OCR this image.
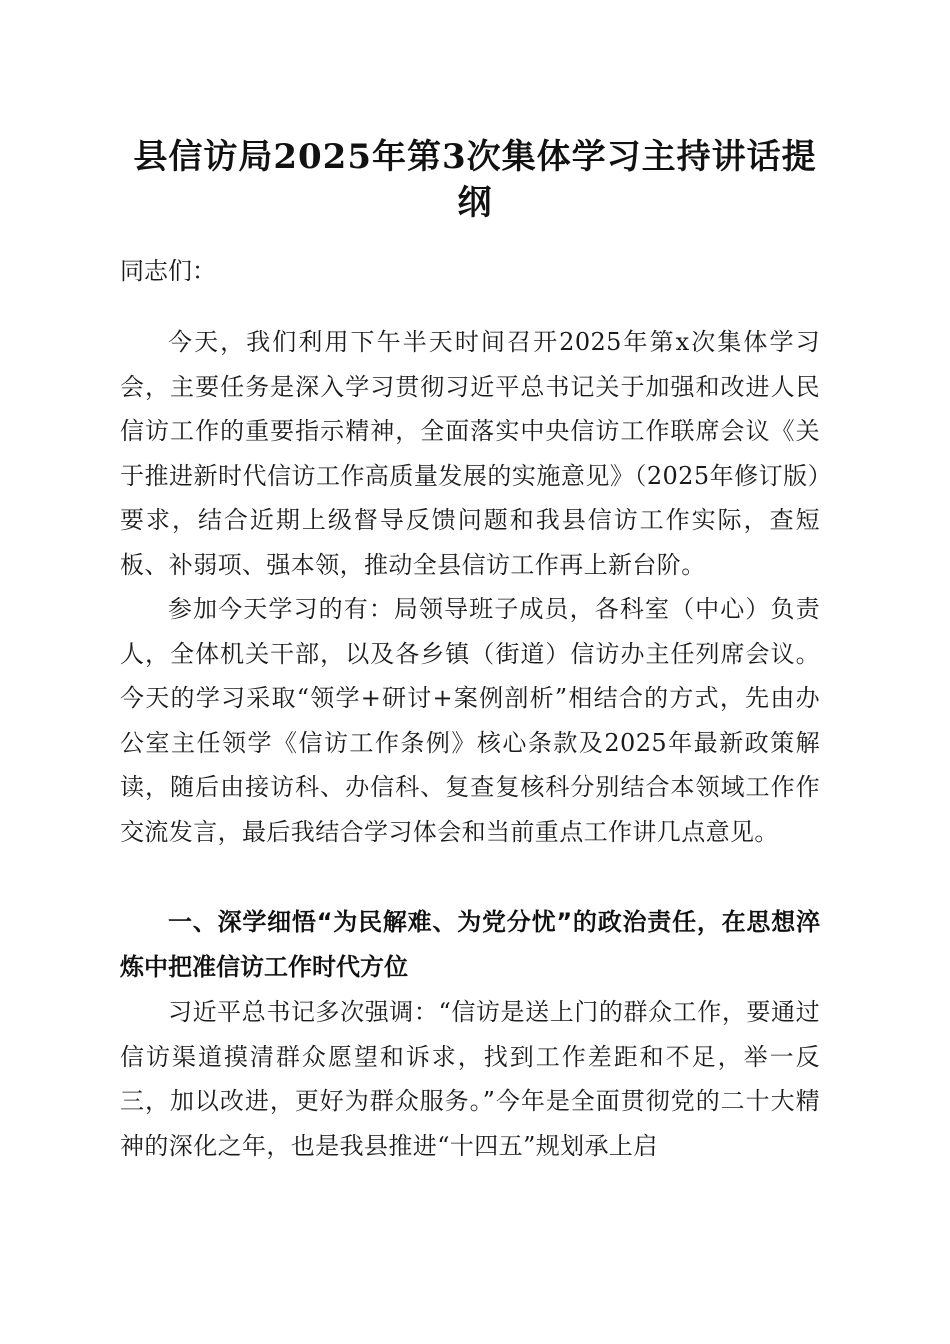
县信访局2025年第3次集体学习主持讲话提纲
同志们：

今天，我们利用下午半天时间召开2025年第x次集体学习会，主要任务是深入学习贯彻习近平总书记关于加强和改进人民信访工作的重要指示精神，全面落实中央信访工作联席会议《关于推进新时代信访工作高质量发展的实施意见》（2025年修订版）要求，结合近期上级督导反馈问题和我县信访工作实际，查短板、补弱项、强本领，推动全县信访工作再上新台阶。

参加今天学习的有：局领导班子成员，各科室（中心）负责人，全体机关干部，以及各乡镇（街道）信访办主任列席会议。今天的学习采取“领学+研讨+案例剖析”相结合的方式，先由办公室主任领学《信访工作条例》核心条款及2025年最新政策解读，随后由接访科、办信科、复查复核科分别结合本领域工作作交流发言，最后我结合学习体会和当前重点工作讲几点意见。

一、深学细悟“为民解难、为党分忧”的政治责任，在思想淬炼中把准信访工作时代方位

习近平总书记多次强调：“信访是送上门的群众工作，要通过信访渠道摸清群众愿望和诉求，找到工作差距和不足，举一反三，加以改进，更好为群众服务。”今年是全面贯彻党的二十大精神的深化之年，也是我县推进“十四五”规划承上启
